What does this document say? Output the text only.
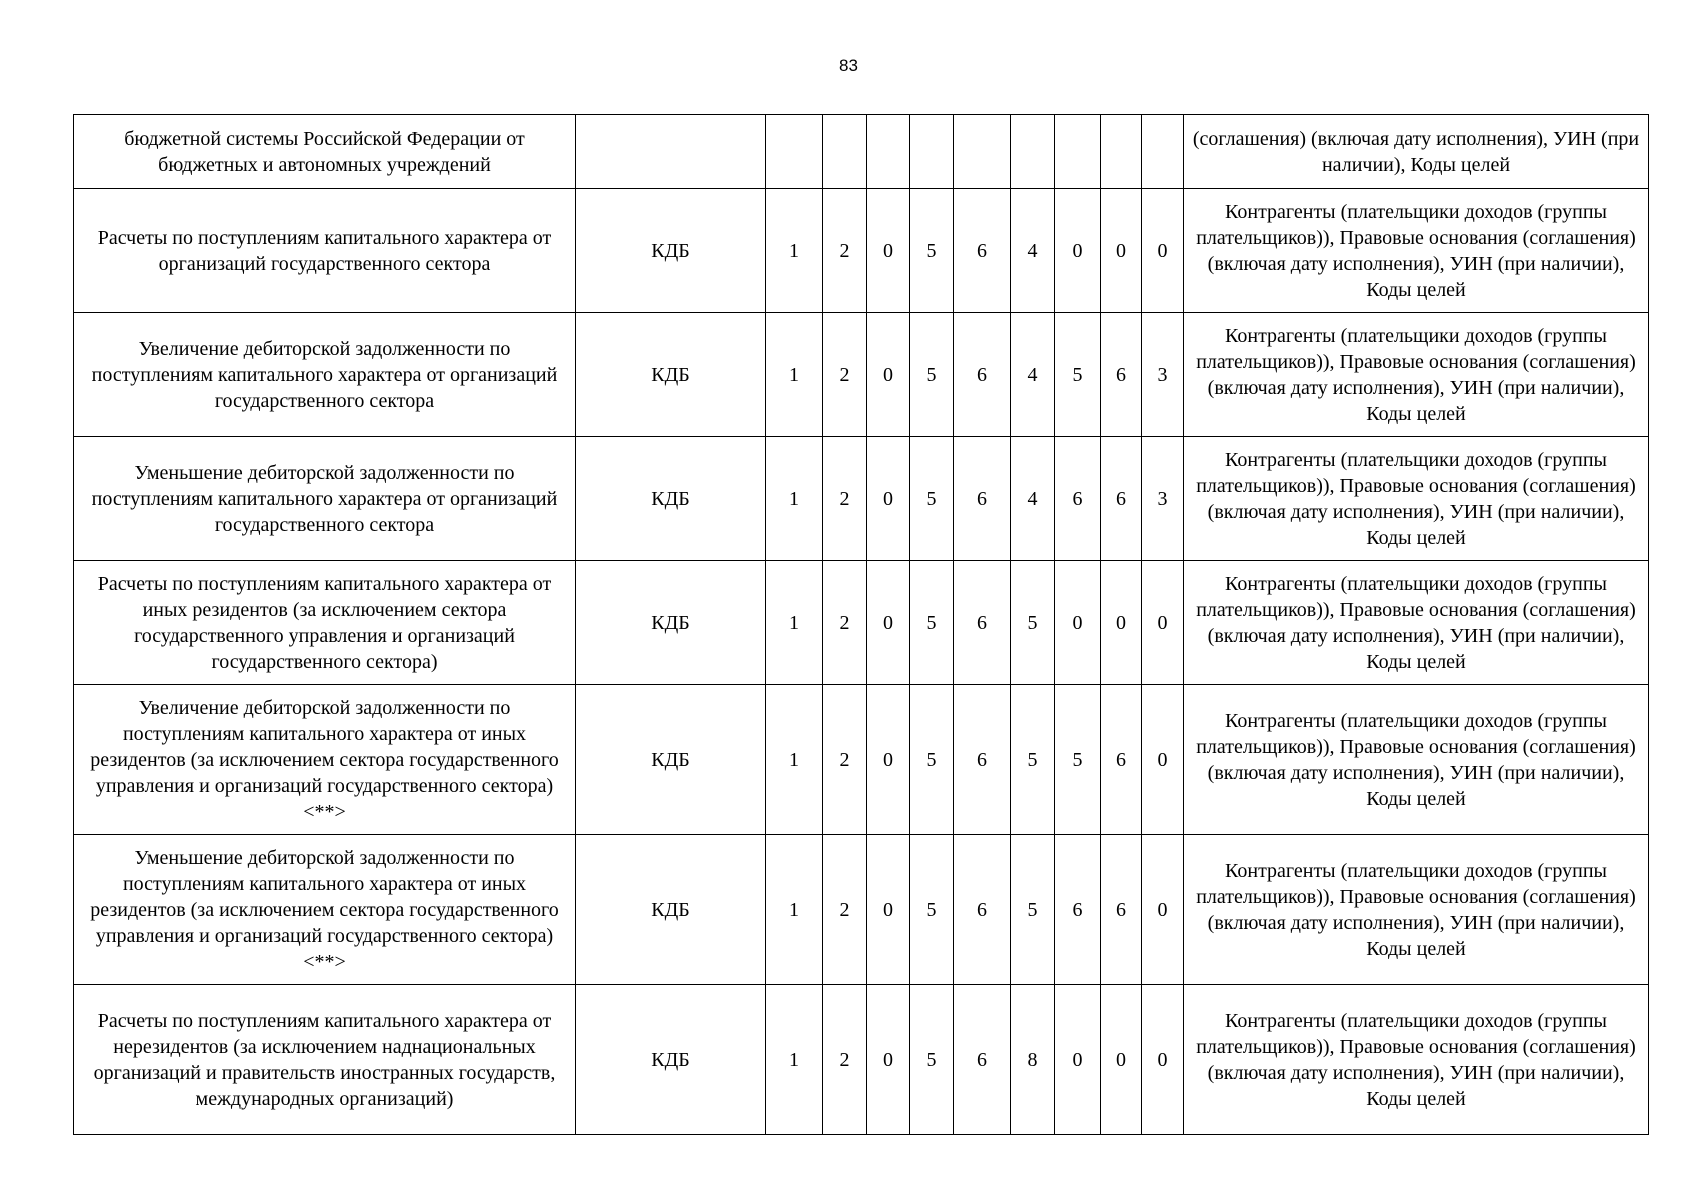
83
бюджетной системы Российской Федерации от бюджетных и автономных учреждений											(соглашения) (включая дату исполнения), УИН (при наличии), Коды целей
Расчеты по поступлениям капитального характера от организаций государственного сектора	КДБ	1	2	0	5	6	4	0	0	0	Контрагенты (плательщики доходов (группы плательщиков)), Правовые основания (соглашения) (включая дату исполнения), УИН (при наличии), Коды целей
Увеличение дебиторской задолженности по поступлениям капитального характера от организаций государственного сектора	КДБ	1	2	0	5	6	4	5	6	3	Контрагенты (плательщики доходов (группы плательщиков)), Правовые основания (соглашения) (включая дату исполнения), УИН (при наличии), Коды целей
Уменьшение дебиторской задолженности по поступлениям капитального характера от организаций государственного сектора	КДБ	1	2	0	5	6	4	6	6	3	Контрагенты (плательщики доходов (группы плательщиков)), Правовые основания (соглашения) (включая дату исполнения), УИН (при наличии), Коды целей
Расчеты по поступлениям капитального характера от иных резидентов (за исключением сектора государственного управления и организаций государственного сектора)	КДБ	1	2	0	5	6	5	0	0	0	Контрагенты (плательщики доходов (группы плательщиков)), Правовые основания (соглашения) (включая дату исполнения), УИН (при наличии), Коды целей
Увеличение дебиторской задолженности по поступлениям капитального характера от иных резидентов (за исключением сектора государственного управления и организаций государственного сектора) <**>	КДБ	1	2	0	5	6	5	5	6	0	Контрагенты (плательщики доходов (группы плательщиков)), Правовые основания (соглашения) (включая дату исполнения), УИН (при наличии), Коды целей
Уменьшение дебиторской задолженности по поступлениям капитального характера от иных резидентов (за исключением сектора государственного управления и организаций государственного сектора) <**>	КДБ	1	2	0	5	6	5	6	6	0	Контрагенты (плательщики доходов (группы плательщиков)), Правовые основания (соглашения) (включая дату исполнения), УИН (при наличии), Коды целей
Расчеты по поступлениям капитального характера от нерезидентов (за исключением наднациональных организаций и правительств иностранных государств, международных организаций)	КДБ	1	2	0	5	6	8	0	0	0	Контрагенты (плательщики доходов (группы плательщиков)), Правовые основания (соглашения) (включая дату исполнения), УИН (при наличии), Коды целей
